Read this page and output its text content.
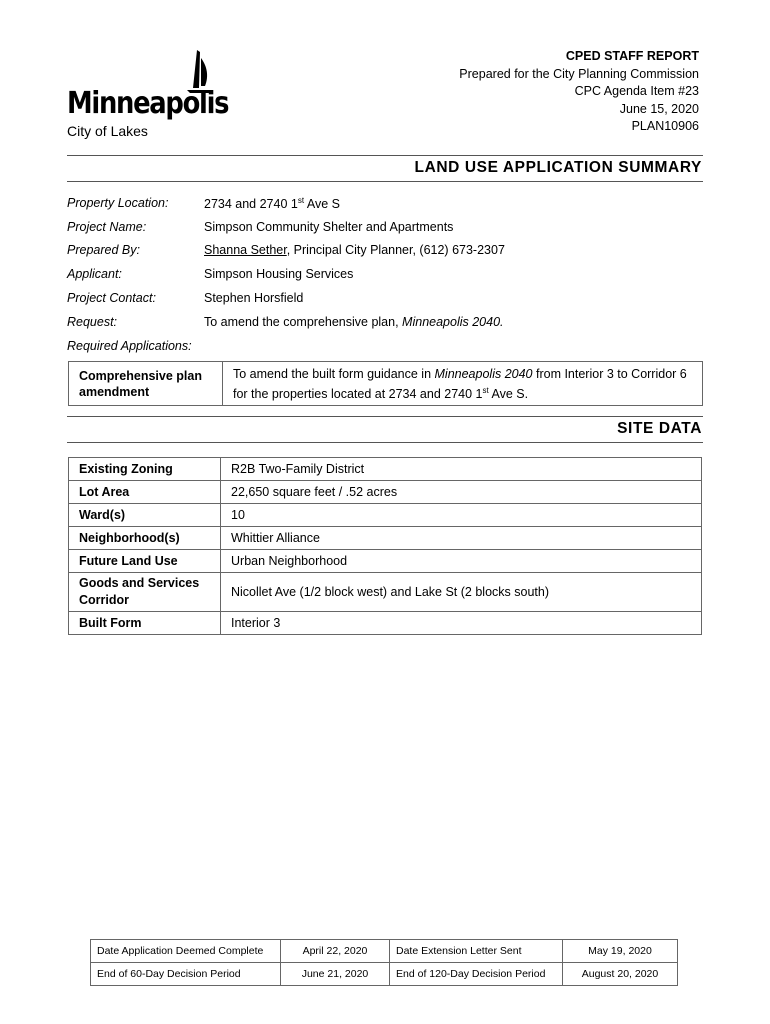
Minneapolis
City of Lakes
CPED STAFF REPORT
Prepared for the City Planning Commission
CPC Agenda Item #23
June 15, 2020
PLAN10906
LAND USE APPLICATION SUMMARY
Property Location:	2734 and 2740 1st Ave S
Project Name:	Simpson Community Shelter and Apartments
Prepared By:	Shanna Sether, Principal City Planner, (612) 673-2307
Applicant:	Simpson Housing Services
Project Contact:	Stephen Horsfield
Request:	To amend the comprehensive plan, Minneapolis 2040.
Required Applications:
Comprehensive plan amendment	To amend the built form guidance in Minneapolis 2040 from Interior 3 to Corridor 6 for the properties located at 2734 and 2740 1st Ave S.
SITE DATA
Existing Zoning	R2B Two-Family District
Lot Area	22,650 square feet / .52 acres
Ward(s)	10
Neighborhood(s)	Whittier Alliance
Future Land Use	Urban Neighborhood
Goods and Services Corridor	Nicollet Ave (1/2 block west) and Lake St (2 blocks south)
Built Form	Interior 3
Date Application Deemed Complete	April 22, 2020	Date Extension Letter Sent	May 19, 2020
End of 60-Day Decision Period	June 21, 2020	End of 120-Day Decision Period	August 20, 2020
